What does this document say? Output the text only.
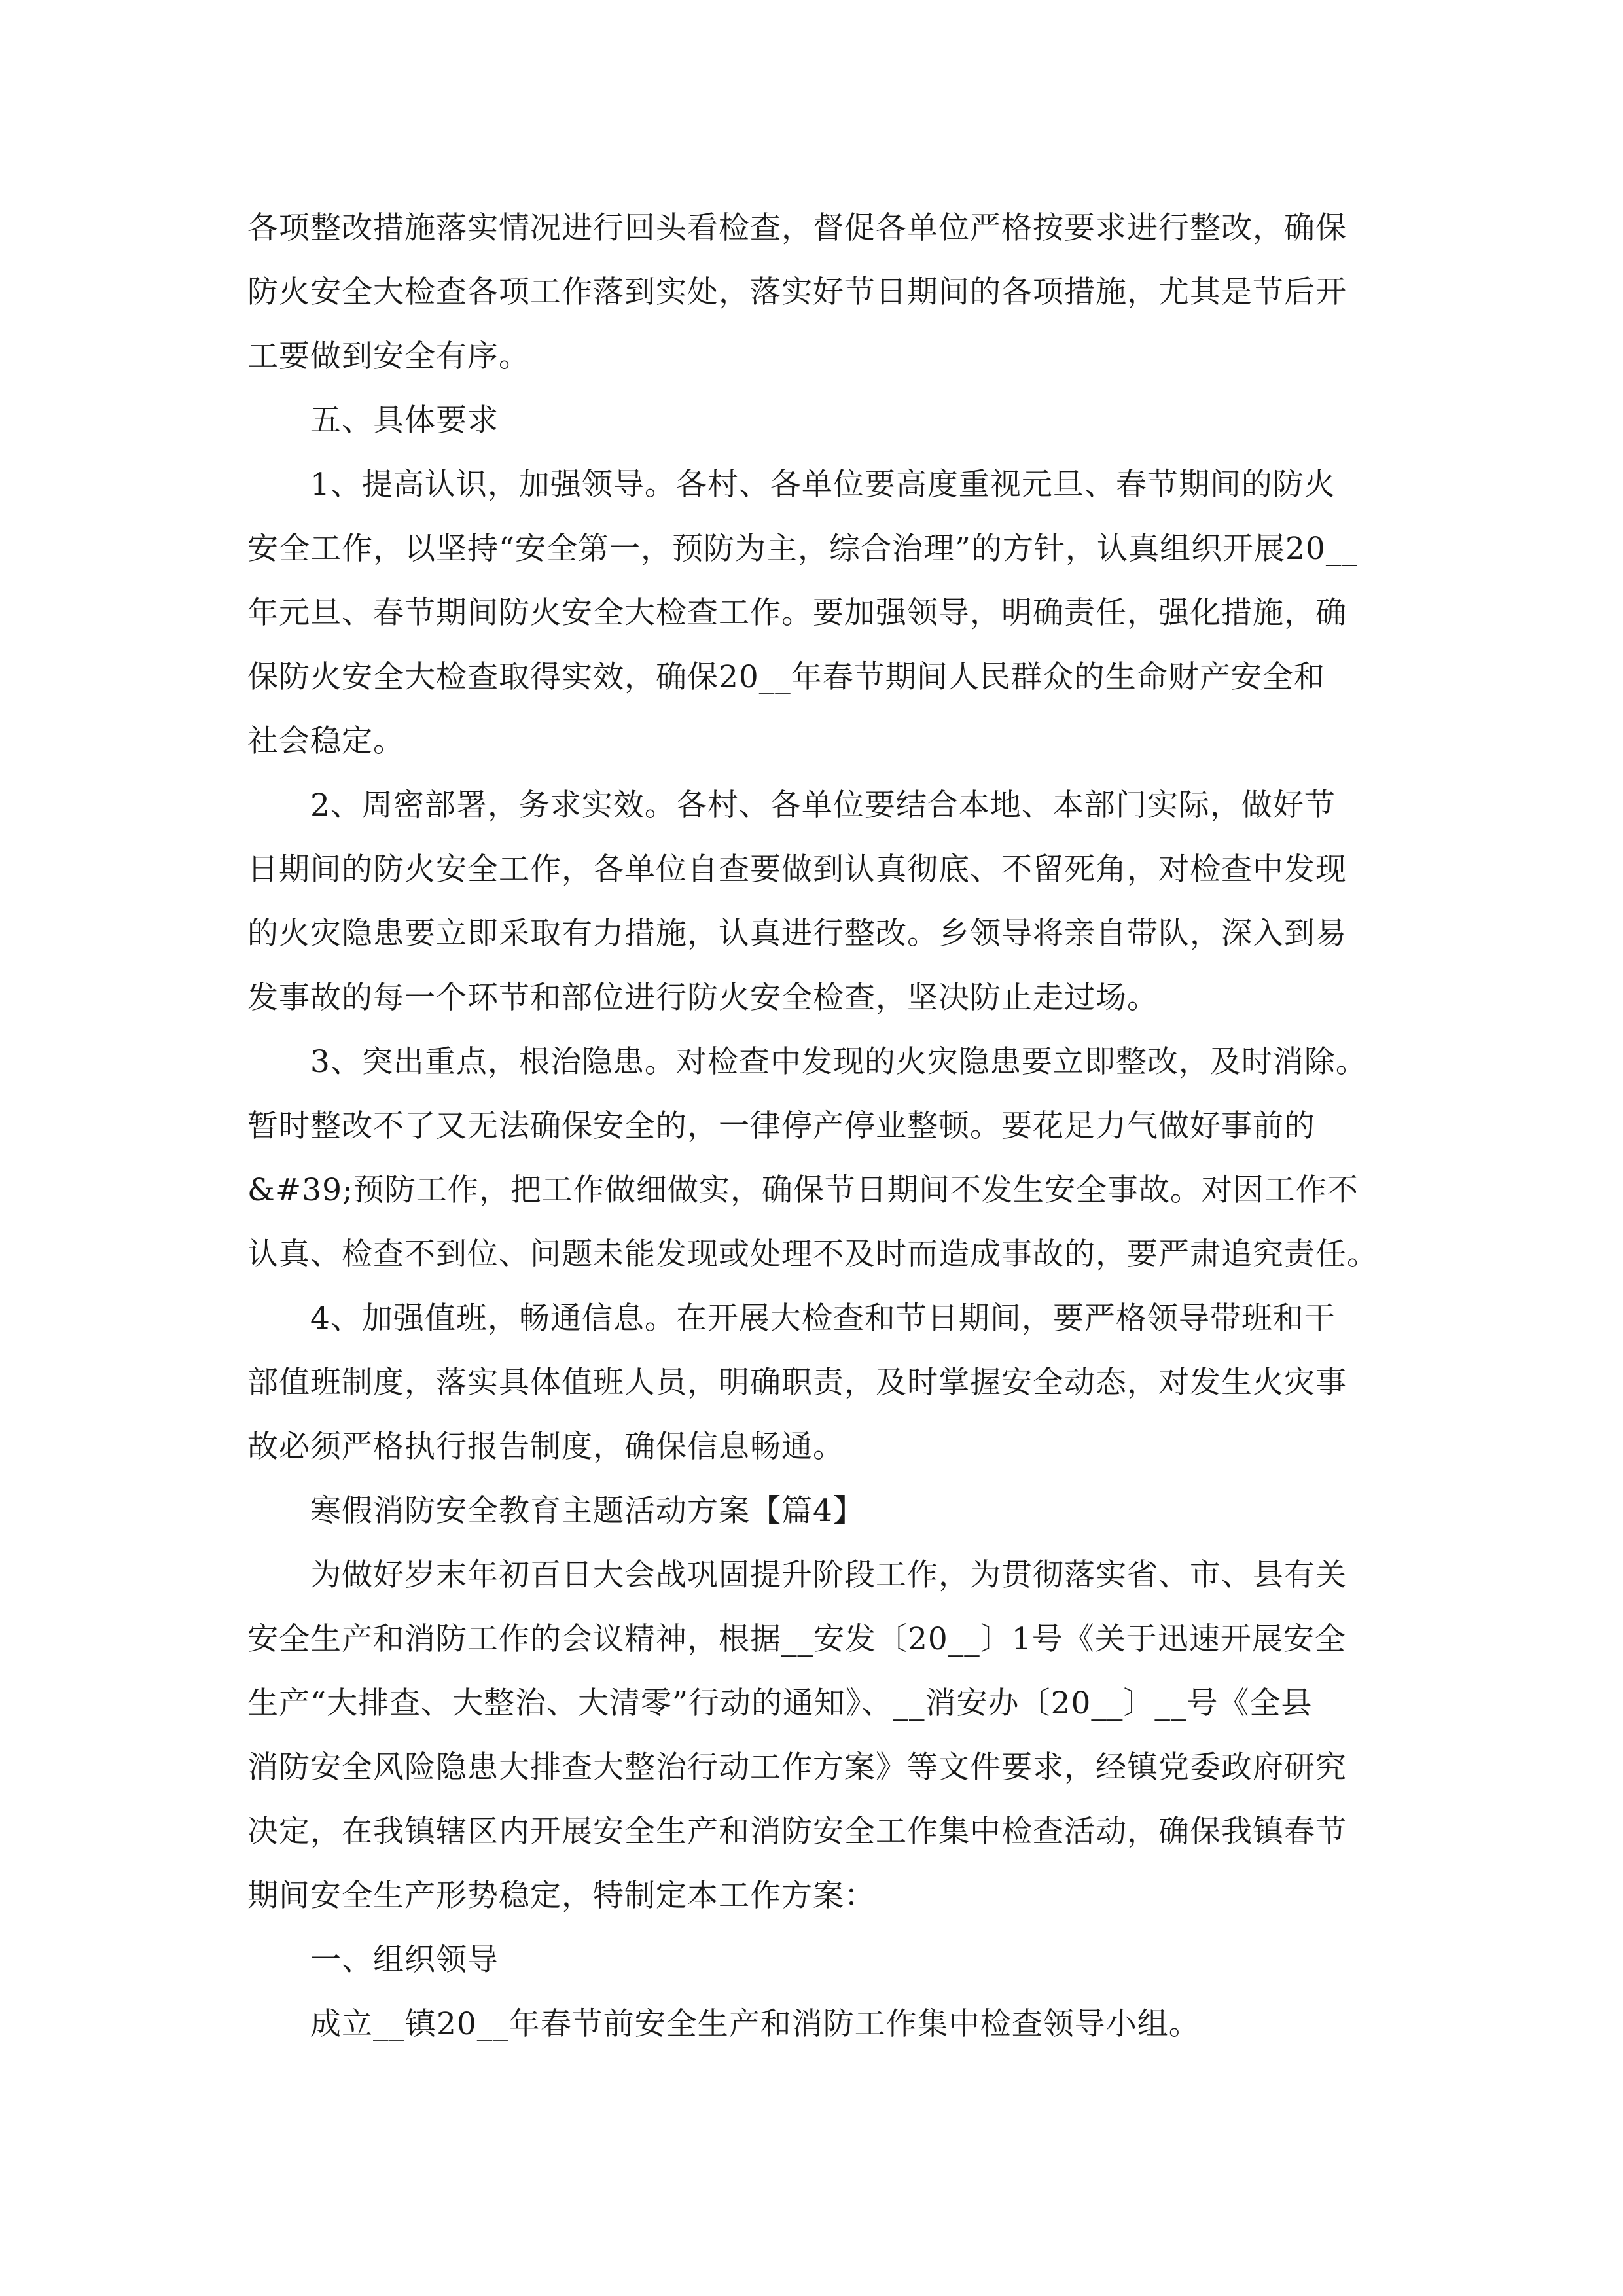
各项整改措施落实情况进行回头看检查，督促各单位严格按要求进行整改，确保
防火安全大检查各项工作落到实处，落实好节日期间的各项措施，尤其是节后开
工要做到安全有序。
五、具体要求
1、提高认识，加强领导。各村、各单位要高度重视元旦、春节期间的防火
安全工作，以坚持“安全第一，预防为主，综合治理”的方针，认真组织开展20__
年元旦、春节期间防火安全大检查工作。要加强领导，明确责任，强化措施，确
保防火安全大检查取得实效，确保20__年春节期间人民群众的生命财产安全和
社会稳定。
2、周密部署，务求实效。各村、各单位要结合本地、本部门实际，做好节
日期间的防火安全工作，各单位自查要做到认真彻底、不留死角，对检查中发现
的火灾隐患要立即采取有力措施，认真进行整改。乡领导将亲自带队，深入到易
发事故的每一个环节和部位进行防火安全检查，坚决防止走过场。
3、突出重点，根治隐患。对检查中发现的火灾隐患要立即整改，及时消除。
暂时整改不了又无法确保安全的，一律停产停业整顿。要花足力气做好事前的
&#39;预防工作，把工作做细做实，确保节日期间不发生安全事故。对因工作不
认真、检查不到位、问题未能发现或处理不及时而造成事故的，要严肃追究责任。
4、加强值班，畅通信息。在开展大检查和节日期间，要严格领导带班和干
部值班制度，落实具体值班人员，明确职责，及时掌握安全动态，对发生火灾事
故必须严格执行报告制度，确保信息畅通。
寒假消防安全教育主题活动方案【篇4】
为做好岁末年初百日大会战巩固提升阶段工作，为贯彻落实省、市、县有关
安全生产和消防工作的会议精神，根据__安发〔20__〕1号《关于迅速开展安全
生产“大排查、大整治、大清零”行动的通知》、__消安办〔20__〕__号《全县
消防安全风险隐患大排查大整治行动工作方案》等文件要求，经镇党委政府研究
决定，在我镇辖区内开展安全生产和消防安全工作集中检查活动，确保我镇春节
期间安全生产形势稳定，特制定本工作方案：
一、组织领导
成立__镇20__年春节前安全生产和消防工作集中检查领导小组。
